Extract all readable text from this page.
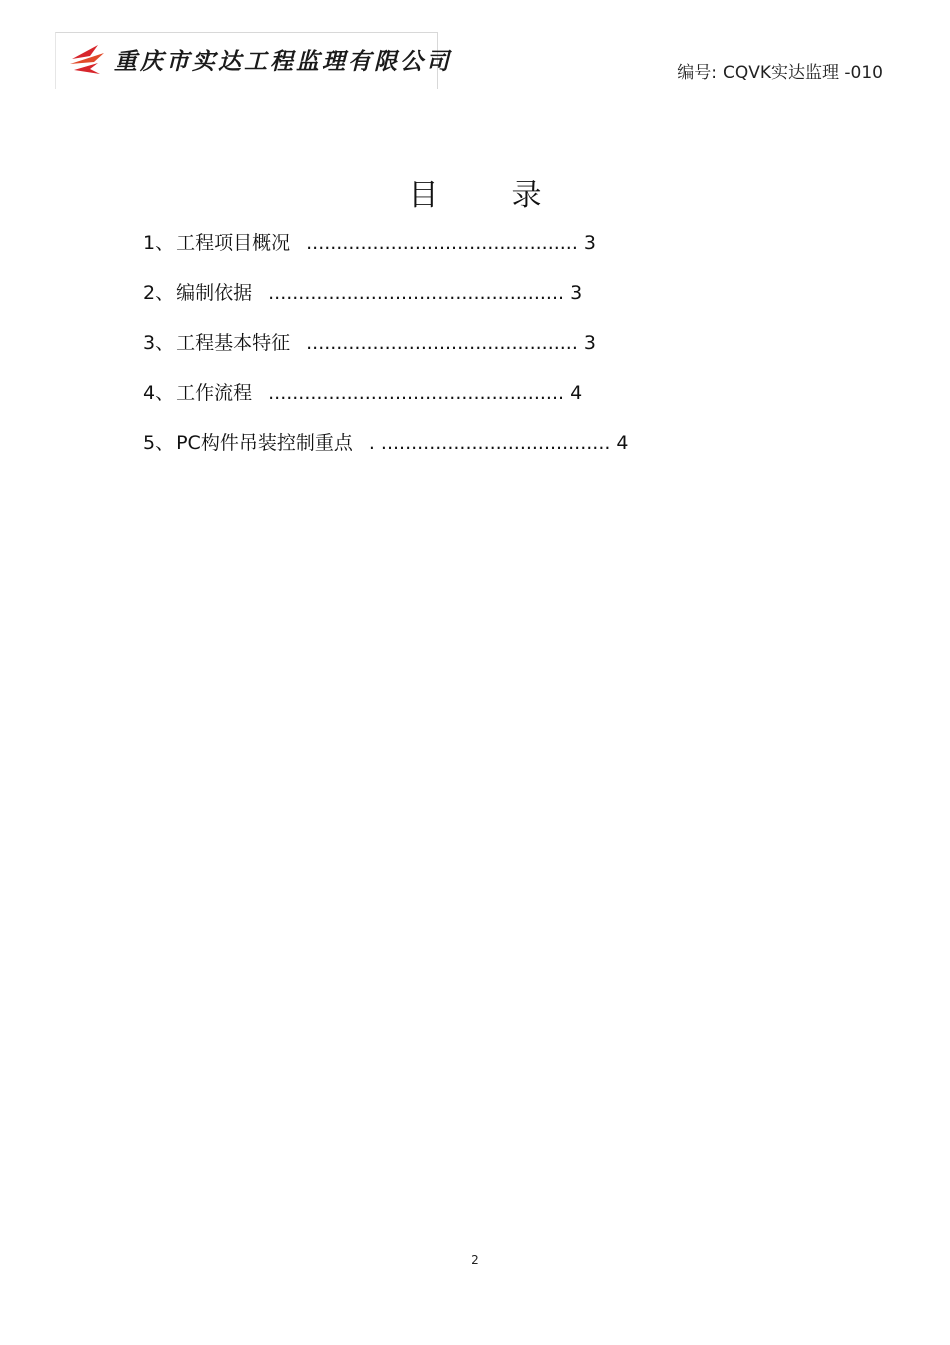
重庆市实达工程监理有限公司	编号: CQVK实达监理 -010
目 录
1、 工程项目概况 ............................................. 3
2、 编制依据 ................................................. 3
3、 工程基本特征 ............................................. 3
4、 工作流程 ................................................. 4
5、 PC构件吊装控制重点 . ...................................... 4
2
